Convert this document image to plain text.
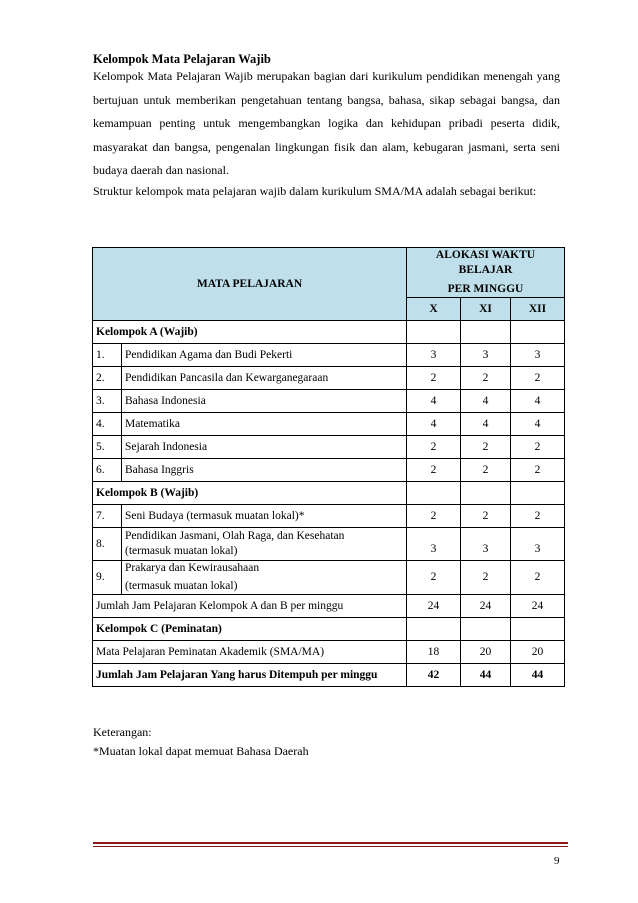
Kelompok Mata Pelajaran Wajib

Kelompok Mata Pelajaran Wajib merupakan bagian dari kurikulum pendidikan menengah yang bertujuan untuk memberikan pengetahuan tentang bangsa, bahasa, sikap sebagai bangsa, dan kemampuan penting untuk mengembangkan logika dan kehidupan pribadi peserta didik, masyarakat dan bangsa, pengenalan lingkungan fisik dan alam, kebugaran jasmani, serta seni budaya daerah dan nasional.

Struktur kelompok mata pelajaran wajib dalam kurikulum SMA/MA adalah sebagai berikut:

MATA PELAJARAN		ALOKASI WAKTU BELAJAR
PER MINGGU		

		X	XI	XII
Kelompok A (Wajib)				
1.	Pendidikan Agama dan Budi Pekerti	3	3	3
2.	Pendidikan Pancasila dan Kewarganegaraan	2	2	2
3.	Bahasa Indonesia	4	4	4
4.	Matematika	4	4	4
5.	Sejarah Indonesia	2	2	2
6.	Bahasa Inggris	2	2	2
Kelompok B (Wajib)				
7.	Seni Budaya (termasuk muatan lokal)*	2	2	2
8.	Pendidikan Jasmani, Olah Raga, dan Kesehatan
(termasuk muatan lokal)	3	3	3
9.	Prakarya dan Kewirausahaan
(termasuk muatan lokal)	2	2	2
Jumlah Jam Pelajaran Kelompok A dan B per minggu		24	24	24
Kelompok C (Peminatan)				
Mata Pelajaran Peminatan Akademik (SMA/MA)		18	20	20
Jumlah Jam Pelajaran Yang harus Ditempuh per minggu		42	44	44
Keterangan:
*Muatan lokal dapat memuat Bahasa Daerah
9
